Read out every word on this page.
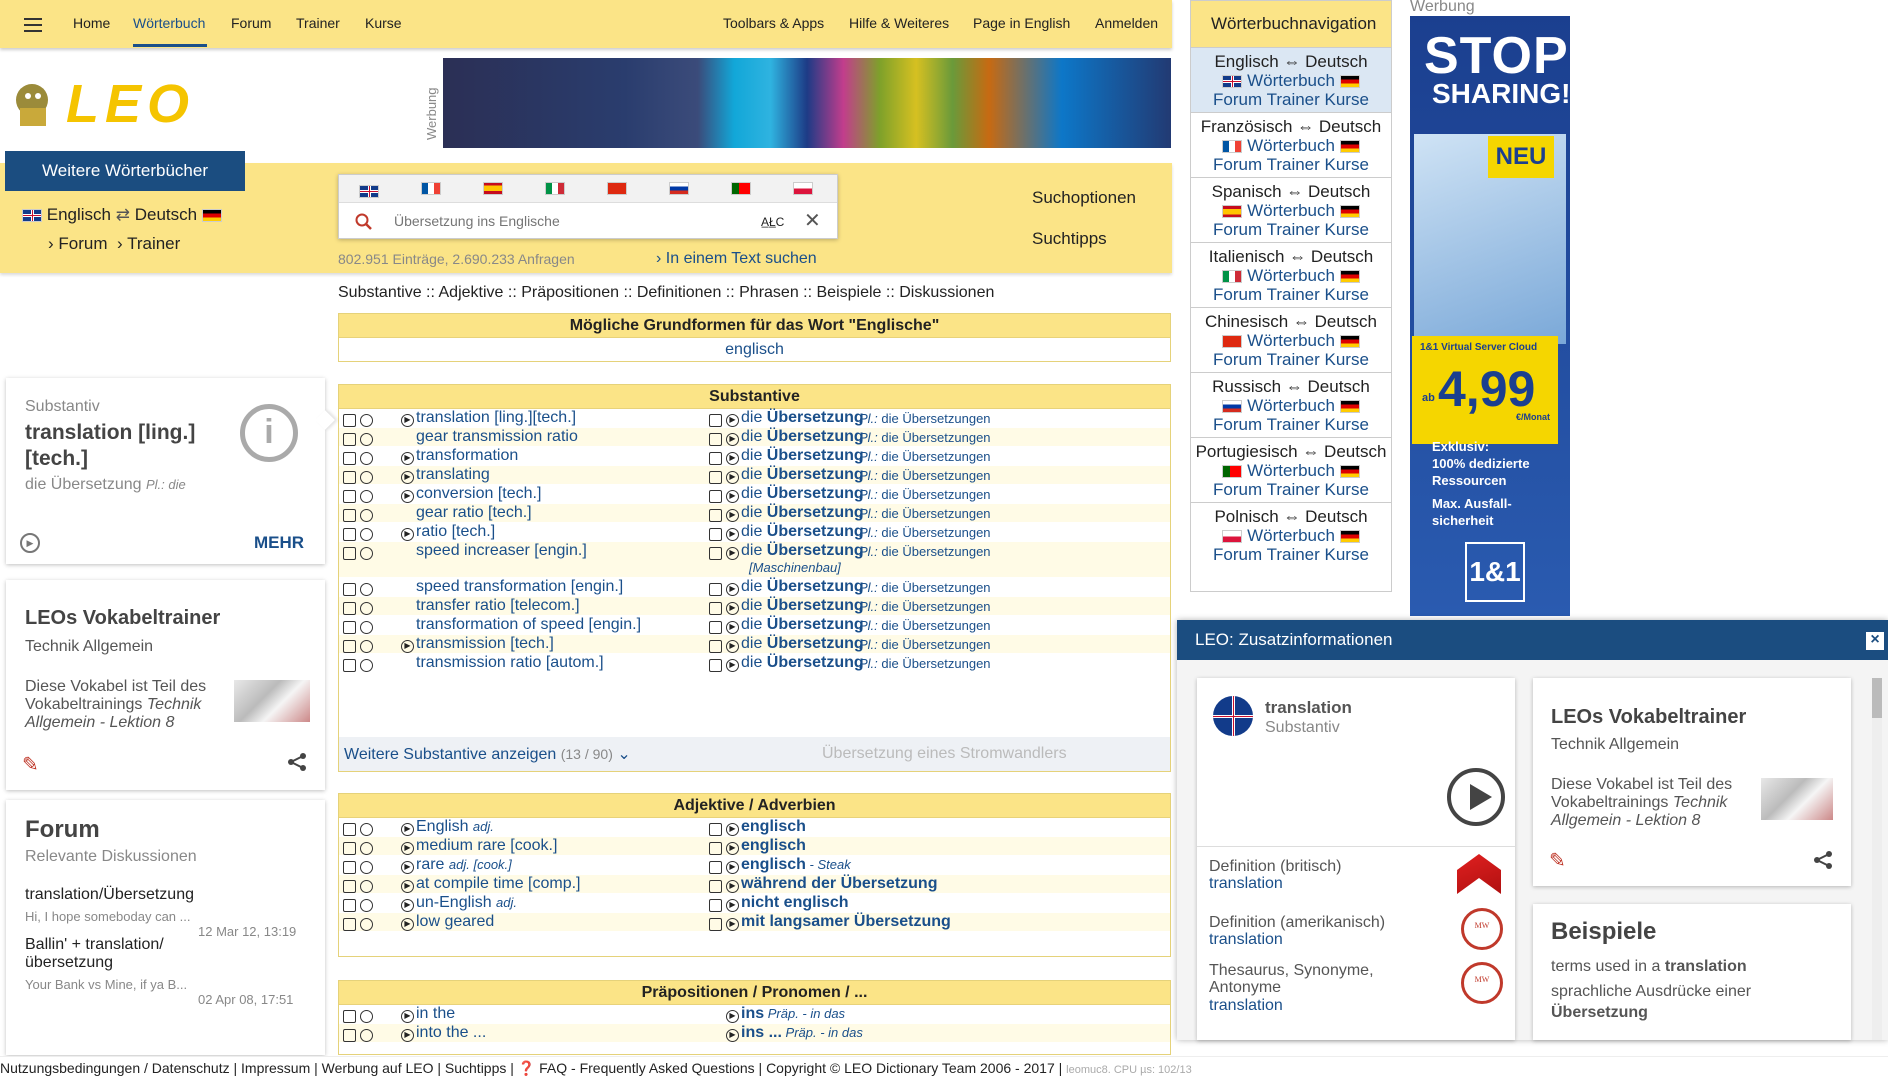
Home Wörterbuch Forum Trainer Kurse	Toolbars & Apps Hilfe & Weiteres Page in English Anmelden
LEO	Werbung
Weitere Wörterbücher
Englisch ⇄ Deutsch
› Forum › Trainer
Übersetzung ins Englische
A̲Ł̲C ✕
802.951 Einträge, 2.690.233 Anfragen	› In einem Text suchen
Suchoptionen
Suchtipps
Substantive :: Adjektive :: Präpositionen :: Definitionen :: Phrasen :: Beispiele :: Diskussionen
Mögliche Grundformen für das Wort "Englische"
englisch
Substantive
▶ translation [ling.][tech.]	▶ die Übersetzung
Pl.: die Übersetzungen
gear transmission ratio	▶ die Übersetzung
Pl.: die Übersetzungen
▶ transformation	▶ die Übersetzung
Pl.: die Übersetzungen
▶ translating	▶ die Übersetzung
Pl.: die Übersetzungen
▶ conversion [tech.]	▶ die Übersetzung
Pl.: die Übersetzungen
gear ratio [tech.]	▶ die Übersetzung
Pl.: die Übersetzungen
▶ ratio [tech.]	▶ die Übersetzung
Pl.: die Übersetzungen
speed increaser [engin.]	▶ die Übersetzung
Pl.: die Übersetzungen
[Maschinenbau]
speed transformation [engin.]	▶ die Übersetzung
Pl.: die Übersetzungen
transfer ratio [telecom.]	▶ die Übersetzung
Pl.: die Übersetzungen
transformation of speed [engin.]	▶ die Übersetzung
Pl.: die Übersetzungen
▶ transmission [tech.]	▶ die Übersetzung
Pl.: die Übersetzungen
transmission ratio [autom.]	▶ die Übersetzung
Pl.: die Übersetzungen
Weitere Substantive anzeigen (13 / 90) ⌄	Übersetzung eines Stromwandlers
Adjektive / Adverbien
▶ English adj.	▶ englisch
▶ medium rare [cook.]	▶ englisch
▶ rare adj. [cook.]	▶ englisch - Steak
▶ at compile time [comp.]	▶ während der Übersetzung
▶ un-English adj.	▶ nicht englisch
▶ low geared	▶ mit langsamer Übersetzung
Präpositionen / Pronomen / ...
▶ in the	▶ ins Präp. - in das
▶ into the ...	▶ ins ... Präp. - in das
Substantiv
translation [ling.] [tech.]
die Übersetzung Pl.: die
i
▶	MEHR
LEOs Vokabeltrainer
Technik Allgemein
Diese Vokabel ist Teil des Vokabeltrainings Technik Allgemein - Lektion 8
✎
Forum
Relevante Diskussionen
translation/Übersetzung
Hi, I hope someboday can ...
12 Mar 12, 13:19
Ballin' + translation/übersetzung
Your Bank vs Mine, if ya B...
02 Apr 08, 17:51
Wörterbuchnavigation
Englisch ⇔ Deutsch
Wörterbuch
Forum Trainer Kurse
Französisch ⇔ Deutsch
Wörterbuch
Forum Trainer Kurse
Spanisch ⇔ Deutsch
Wörterbuch
Forum Trainer Kurse
Italienisch ⇔ Deutsch
Wörterbuch
Forum Trainer Kurse
Chinesisch ⇔ Deutsch
Wörterbuch
Forum Trainer Kurse
Russisch ⇔ Deutsch
Wörterbuch
Forum Trainer Kurse
Portugiesisch ⇔ Deutsch
Wörterbuch
Forum Trainer Kurse
Polnisch ⇔ Deutsch
Wörterbuch
Forum Trainer Kurse
Werbung
STOP
SHARING!
NEU
1&1 Virtual Server Cloud
ab 4,99
€/Monat
Exklusiv:
100% dedizierte
Ressourcen
Max. Ausfall-
sicherheit
1&1
LEO: Zusatzinformationen	×
translation
Substantiv
Definition (britisch)
translation
Definition (amerikanisch)
translation
MW
Thesaurus, Synonyme, Antonyme
translation
MW
LEOs Vokabeltrainer
Technik Allgemein
Diese Vokabel ist Teil des Vokabeltrainings Technik Allgemein - Lektion 8
✎
Beispiele
terms used in a translation
sprachliche Ausdrücke einer
Übersetzung
Nutzungsbedingungen / Datenschutz | Impressum | Werbung auf LEO | Suchtipps | ❓ FAQ - Frequently Asked Questions | Copyright © LEO Dictionary Team 2006 - 2017 | leomuc8. CPU µs: 102/13
